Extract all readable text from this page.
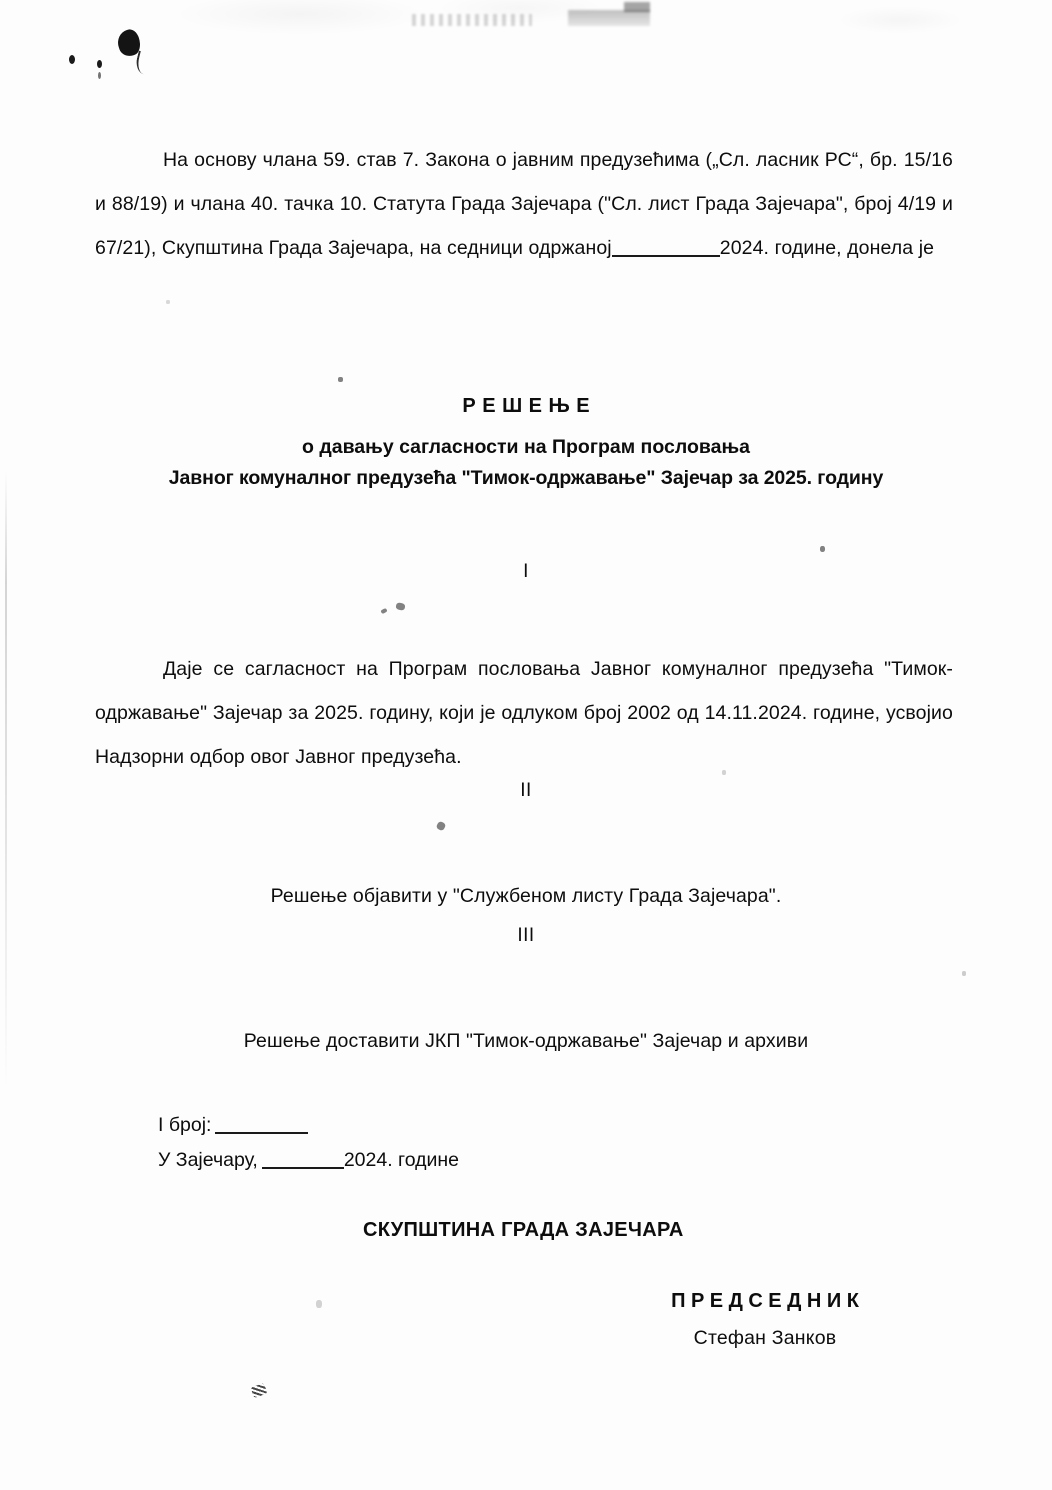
На основу члана 59. став 7. Закона о јавним предузећима („Сл. ласник РС“, бр. 15/16 и 88/19) и члана 40. тачка 10. Статута Града Зајечара ("Сл. лист Града Зајечара", број 4/19 и 67/21), Скупштина Града Зајечара, на седници одржаној	2024. године, донела је

РЕШЕЊЕ
о давању сагласности на Програм пословања
Јавног комуналног предузећа "Тимок-одржавање" Зајечар за 2025. годину
I

Даје се сагласност на Програм пословања Јавног комуналног предузећа "Тимок-одржавање" Зајечар за 2025. годину, који је одлуком број 2002 од 14.11.2024. године, усвојио Надзорни одбор овог Јавног предузећа.

II

Решење објавити у "Службеном листу Града Зајечара".

III

Решење доставити ЈКП "Тимок-одржавање" Зајечар и архиви

I број:
У Зајечару,	2024. године
СКУПШТИНА ГРАДА ЗАЈЕЧАРА
ПРЕДСЕДНИК
Стефан Занков
